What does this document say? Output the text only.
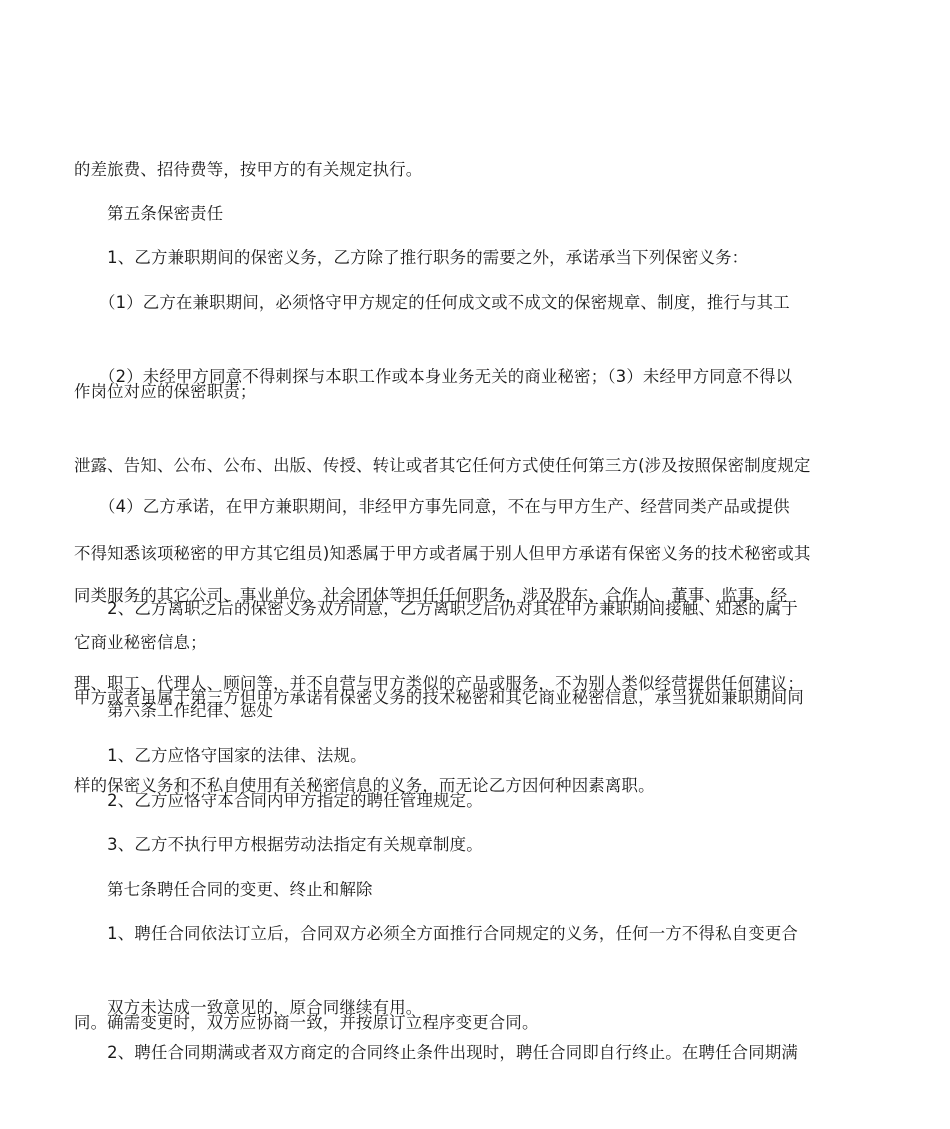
的差旅费、招待费等，按甲方的有关规定执行。

　　第五条保密责任

　　1、乙方兼职期间的保密义务，乙方除了推行职务的需要之外，承诺承当下列保密义务：

　　（1）乙方在兼职期间，必须恪守甲方规定的任何成文或不成文的保密规章、制度，推行与其工

作岗位对应的保密职责；

　　（2）未经甲方同意不得刺探与本职工作或本身业务无关的商业秘密；（3）未经甲方同意不得以

泄露、告知、公布、公布、出版、传授、转让或者其它任何方式使任何第三方(涉及按照保密制度规定

不得知悉该项秘密的甲方其它组员)知悉属于甲方或者属于别人但甲方承诺有保密义务的技术秘密或其

它商业秘密信息；

　　（4）乙方承诺，在甲方兼职期间，非经甲方事先同意，不在与甲方生产、经营同类产品或提供

同类服务的其它公司、事业单位、社会团体等担任任何职务，涉及股东、合作人、董事、监事、经

理、职工、代理人、顾问等，并不自营与甲方类似的产品或服务，不为别人类似经营提供任何建议；

　　2、乙方离职之后的保密义务双方同意，乙方离职之后仍对其在甲方兼职期间接触、知悉的属于

甲方或者虽属于第三方但甲方承诺有保密义务的技术秘密和其它商业秘密信息，承当犹如兼职期间同

样的保密义务和不私自使用有关秘密信息的义务，而无论乙方因何种因素离职。

　　第六条工作纪律、惩处

　　1、乙方应恪守国家的法律、法规。

　　2、乙方应恪守本合同内甲方指定的聘任管理规定。

　　3、乙方不执行甲方根据劳动法指定有关规章制度。

　　第七条聘任合同的变更、终止和解除

　　1、聘任合同依法订立后，合同双方必须全方面推行合同规定的义务，任何一方不得私自变更合

同。确需变更时，双方应协商一致，并按原订立程序变更合同。

　　双方未达成一致意见的，原合同继续有用。

　　2、聘任合同期满或者双方商定的合同终止条件出现时，聘任合同即自行终止。在聘任合同期满
